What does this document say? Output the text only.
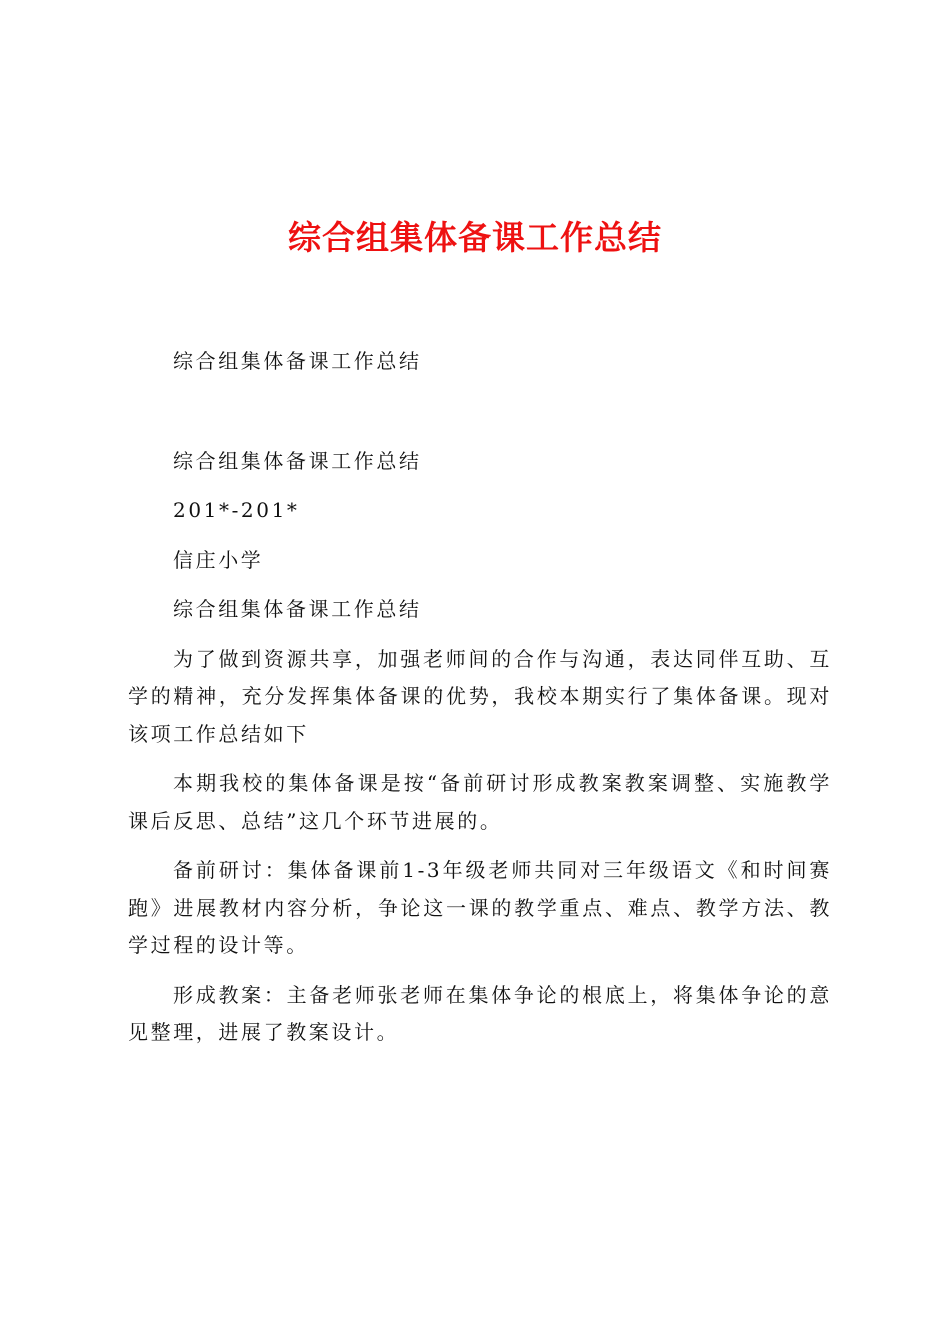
综合组集体备课工作总结

综合组集体备课工作总结

综合组集体备课工作总结

201*-201*

信庄小学

综合组集体备课工作总结

为了做到资源共享，加强老师间的合作与沟通，表达同伴互助、互学的精神，充分发挥集体备课的优势，我校本期实行了集体备课。现对该项工作总结如下

本期我校的集体备课是按“备前研讨形成教案教案调整、实施教学课后反思、总结”这几个环节进展的。

备前研讨：集体备课前1-3年级老师共同对三年级语文《和时间赛跑》进展教材内容分析，争论这一课的教学重点、难点、教学方法、教学过程的设计等。

形成教案：主备老师张老师在集体争论的根底上，将集体争论的意见整理，进展了教案设计。
